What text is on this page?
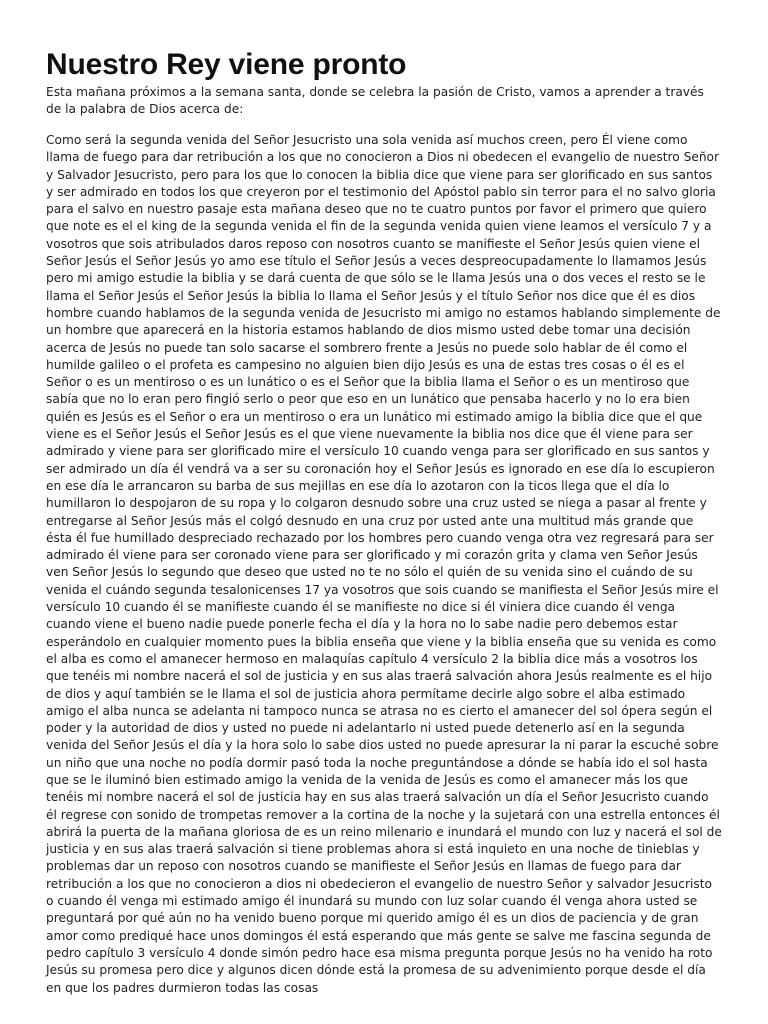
Nuestro Rey viene pronto

Esta mañana próximos a la semana santa, donde se celebra la pasión de Cristo, vamos a aprender a través de la palabra de Dios acerca de:

Como será la segunda venida del Señor Jesucristo una sola venida así muchos creen, pero Él viene como llama de fuego para dar retribución a los que no conocieron a Dios ni obedecen el evangelio de nuestro Señor y Salvador Jesucristo, pero para los que lo conocen la biblia dice que viene para ser glorificado en sus santos y ser admirado en todos los que creyeron por el testimonio del Apóstol pablo sin terror para el no salvo gloria para el salvo en nuestro pasaje esta mañana deseo que no te cuatro puntos por favor el primero que quiero que note es el el king de la segunda venida el fin de la segunda venida quien viene leamos el versículo 7 y a vosotros que sois atribulados daros reposo con nosotros cuanto se manifieste el Señor Jesús quien viene el Señor Jesús el Señor Jesús yo amo ese título el Señor Jesús a veces despreocupadamente lo llamamos Jesús pero mi amigo estudie la biblia y se dará cuenta de que sólo se le llama Jesús una o dos veces el resto se le llama el Señor Jesús el Señor Jesús la biblia lo llama el Señor Jesús y el título Señor nos dice que él es dios hombre cuando hablamos de la segunda venida de Jesucristo mi amigo no estamos hablando simplemente de un hombre que aparecerá en la historia estamos hablando de dios mismo usted debe tomar una decisión acerca de Jesús no puede tan solo sacarse el sombrero frente a Jesús no puede solo hablar de él como el humilde galileo o el profeta es campesino no alguien bien dijo Jesús es una de estas tres cosas o él es el Señor o es un mentiroso o es un lunático o es el Señor que la biblia llama el Señor o es un mentiroso que sabía que no lo eran pero fingió serlo o peor que eso en un lunático que pensaba hacerlo y no lo era bien quién es Jesús es el Señor o era un mentiroso o era un lunático mi estimado amigo la biblia dice que el que viene es el Señor Jesús el Señor Jesús es el que viene nuevamente la biblia nos dice que él viene para ser admirado y viene para ser glorificado mire el versículo 10 cuando venga para ser glorificado en sus santos y ser admirado un día él vendrá va a ser su coronación hoy el Señor Jesús es ignorado en ese día lo escupieron en ese día le arrancaron su barba de sus mejillas en ese día lo azotaron con la ticos llega que el día lo humillaron lo despojaron de su ropa y lo colgaron desnudo sobre una cruz usted se niega a pasar al frente y entregarse al Señor Jesús más el colgó desnudo en una cruz por usted ante una multitud más grande que ésta él fue humillado despreciado rechazado por los hombres pero cuando venga otra vez regresará para ser admirado él viene para ser coronado viene para ser glorificado y mi corazón grita y clama ven Señor Jesús ven Señor Jesús lo segundo que deseo que usted no te no sólo el quién de su venida sino el cuándo de su venida el cuándo segunda tesalonicenses 17 ya vosotros que sois cuando se manifiesta el Señor Jesús mire el versículo 10 cuando él se manifieste cuando él se manifieste no dice si él viniera dice cuando él venga cuando viene el bueno nadie puede ponerle fecha el día y la hora no lo sabe nadie pero debemos estar esperándolo en cualquier momento pues la biblia enseña que viene y la biblia enseña que su venida es como el alba es como el amanecer hermoso en malaquías capítulo 4 versículo 2 la biblia dice más a vosotros los que tenéis mi nombre nacerá el sol de justicia y en sus alas traerá salvación ahora Jesús realmente es el hijo de dios y aquí también se le llama el sol de justicia ahora permítame decirle algo sobre el alba estimado amigo el alba nunca se adelanta ni tampoco nunca se atrasa no es cierto el amanecer del sol ópera según el poder y la autoridad de dios y usted no puede ni adelantarlo ni usted puede detenerlo así en la segunda venida del Señor Jesús el día y la hora solo lo sabe dios usted no puede apresurar la ni parar la escuché sobre un niño que una noche no podía dormir pasó toda la noche preguntándose a dónde se había ido el sol hasta que se le iluminó bien estimado amigo la venida de la venida de Jesús es como el amanecer más los que tenéis mi nombre nacerá el sol de justicia hay en sus alas traerá salvación un día el Señor Jesucristo cuando él regrese con sonido de trompetas remover a la cortina de la noche y la sujetará con una estrella entonces él abrirá la puerta de la mañana gloriosa de es un reino milenario e inundará el mundo con luz y nacerá el sol de justicia y en sus alas traerá salvación si tiene problemas ahora si está inquieto en una noche de tinieblas y problemas dar un reposo con nosotros cuando se manifieste el Señor Jesús en llamas de fuego para dar retribución a los que no conocieron a dios ni obedecieron el evangelio de nuestro Señor y salvador Jesucristo o cuando él venga mi estimado amigo él inundará su mundo con luz solar cuando él venga ahora usted se preguntará por qué aún no ha venido bueno porque mi querido amigo él es un dios de paciencia y de gran amor como prediqué hace unos domingos él está esperando que más gente se salve me fascina segunda de pedro capítulo 3 versículo 4 donde simón pedro hace esa misma pregunta porque Jesús no ha venido ha roto Jesús su promesa pero dice y algunos dicen dónde está la promesa de su advenimiento porque desde el día en que los padres durmieron todas las cosas
